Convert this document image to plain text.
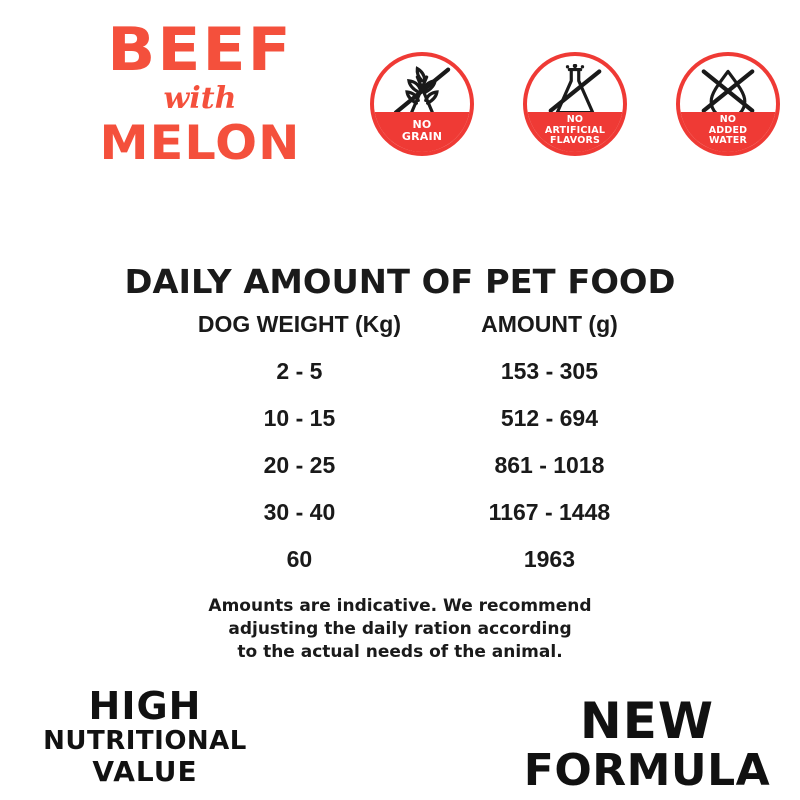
BEEF
with
MELON	NO
GRAIN
NO
ARTIFICIAL
FLAVORS
NO
ADDED
WATER
DAILY AMOUNT OF PET FOOD
DOG WEIGHT (Kg)	AMOUNT (g)
2 - 5	153 - 305
10 - 15	512 - 694
20 - 25	861 - 1018
30 - 40	1167 - 1448
60	1963
Amounts are indicative. We recommend
adjusting the daily ration according
to the actual needs of the animal.
HIGH
NUTRITIONAL
VALUE
NEW
FORMULA
